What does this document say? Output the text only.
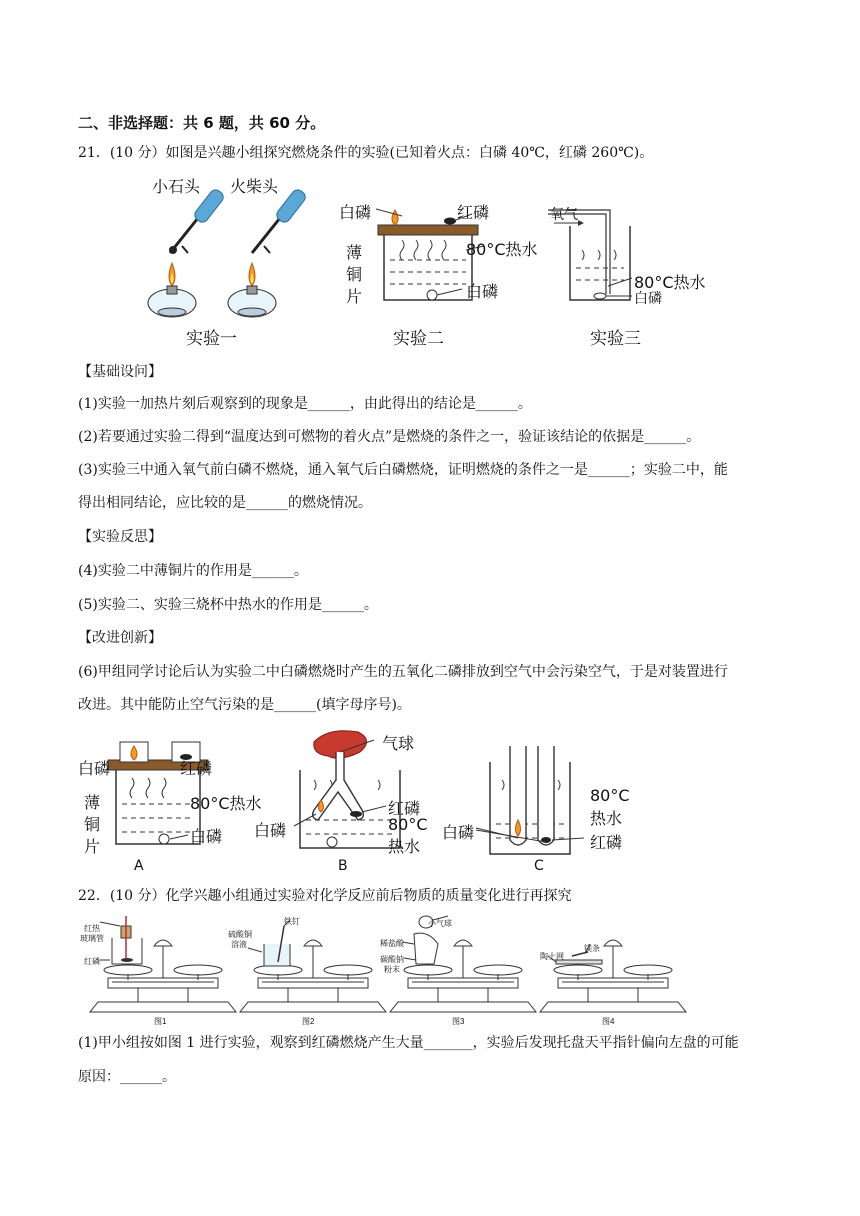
二、非选择题：共 6 题，共 60 分。
21．(10 分）如图是兴趣小组探究燃烧条件的实验(已知着火点：白磷 40℃，红磷 260℃)。
小石头 火柴头
实验一
白磷	红磷
薄
铜
片
80°C热水
白磷
实验二
氧气
80°C热水
白磷
实验三
【基础设问】
(1)实验一加热片刻后观察到的现象是______，由此得出的结论是______。
(2)若要通过实验二得到“温度达到可燃物的着火点”是燃烧的条件之一，验证该结论的依据是______。
(3)实验三中通入氧气前白磷不燃烧，通入氧气后白磷燃烧，证明燃烧的条件之一是______；实验二中，能
得出相同结论，应比较的是______的燃烧情况。
【实验反思】
(4)实验二中薄铜片的作用是______。
(5)实验二、实验三烧杯中热水的作用是______。
【改进创新】
(6)甲组同学讨论后认为实验二中白磷燃烧时产生的五氧化二磷排放到空气中会污染空气，于是对装置进行
改进。其中能防止空气污染的是______(填字母序号)。
白磷	红磷
薄
铜
片
80°C热水
白磷
A
气球
白磷
红磷
80°C
热水
B
80°C
热水
白磷
红磷
C
22．(10 分）化学兴趣小组通过实验对化学反应前后物质的质量变化进行再探究
红热
玻璃管
红磷
图1
硫酸铜
溶液
铁钉
图2
小气球
稀盐酸
碳酸钠
粉末
图3
陶土网
镁条
图4
(1)甲小组按如图 1 进行实验，观察到红磷燃烧产生大量_______，实验后发现托盘天平指针偏向左盘的可能
原因：______。
